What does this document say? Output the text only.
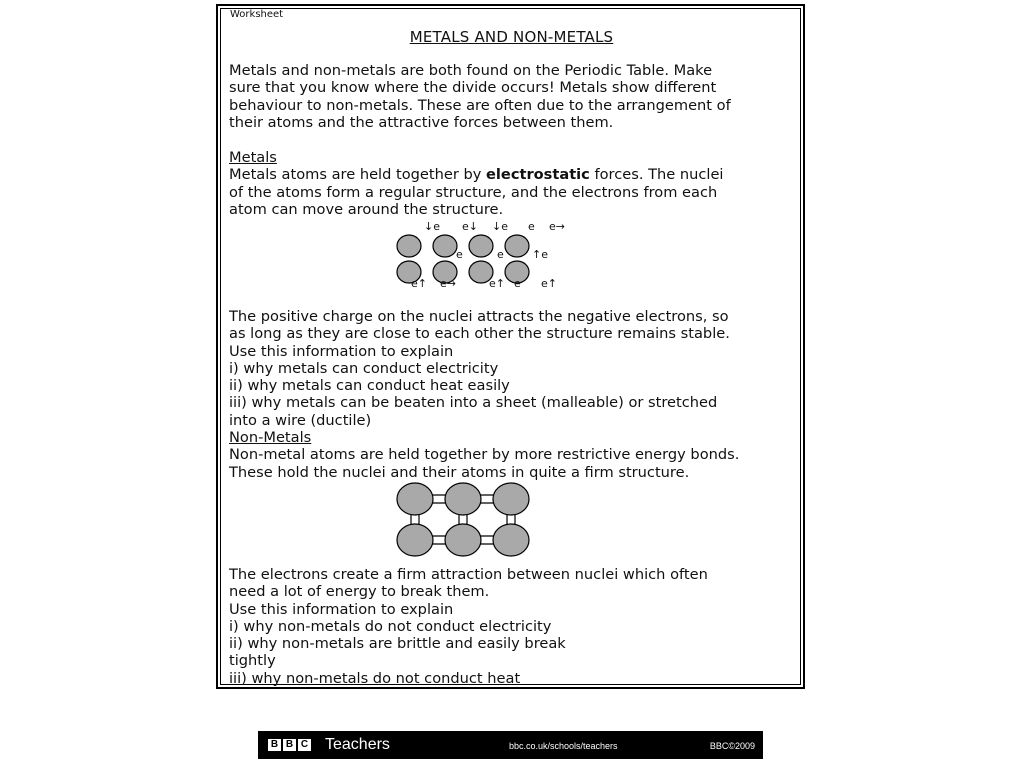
Worksheet
METALS AND NON-METALS
Metals and non-metals are both found on the Periodic Table. Make
sure that you know where the divide occurs! Metals show different
behaviour to non-metals. These are often due to the arrangement of
their atoms and the attractive forces between them.
Metals
Metals atoms are held together by electrostatic forces. The nuclei
of the atoms form a regular structure, and the electrons from each
atom can move around the structure.
↓e e↓ ↓e e e→
e	e	↑e
e↑ e→	e↑ e e↑
The positive charge on the nuclei attracts the negative electrons, so
as long as they are close to each other the structure remains stable.
Use this information to explain
i) why metals can conduct electricity
ii) why metals can conduct heat easily
iii) why metals can be beaten into a sheet (malleable) or stretched
into a wire (ductile)
Non-Metals
Non-metal atoms are held together by more restrictive energy bonds.
These hold the nuclei and their atoms in quite a firm structure.
The electrons create a firm attraction between nuclei which often
need a lot of energy to break them.
Use this information to explain
i) why non-metals do not conduct electricity
ii) why non-metals are brittle and easily break
tightly
iii) why non-metals do not conduct heat
B B C Teachers	bbc.co.uk/schools/teachers	BBC©2009
